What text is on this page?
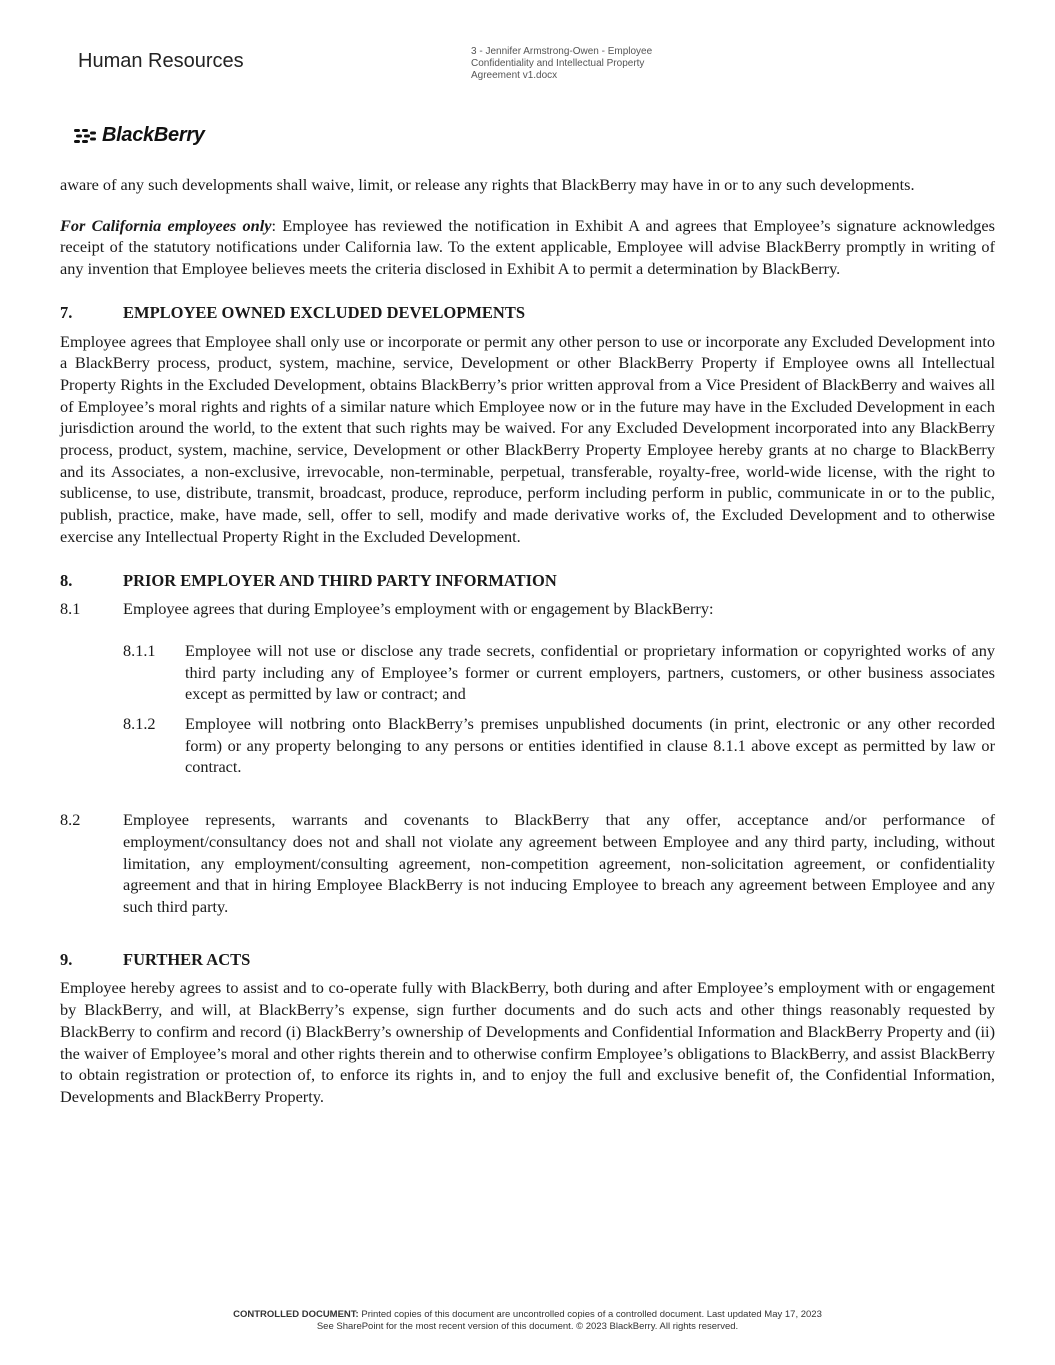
Human Resources	3 - Jennifer Armstrong-Owen - Employee
Confidentiality and Intellectual Property
Agreement v1.docx
BlackBerry

aware of any such developments shall waive, limit, or release any rights that BlackBerry may have in or to any such developments.

For California employees only: Employee has reviewed the notification in Exhibit A and agrees that Employee’s signature acknowledges receipt of the statutory notifications under California law. To the extent applicable, Employee will advise BlackBerry promptly in writing of any invention that Employee believes meets the criteria disclosed in Exhibit A to permit a determination by BlackBerry.

7.	EMPLOYEE OWNED EXCLUDED DEVELOPMENTS

Employee agrees that Employee shall only use or incorporate or permit any other person to use or incorporate any Excluded Development into a BlackBerry process, product, system, machine, service, Development or other BlackBerry Property if Employee owns all Intellectual Property Rights in the Excluded Development, obtains BlackBerry’s prior written approval from a Vice President of BlackBerry and waives all of Employee’s moral rights and rights of a similar nature which Employee now or in the future may have in the Excluded Development in each jurisdiction around the world, to the extent that such rights may be waived. For any Excluded Development incorporated into any BlackBerry process, product, system, machine, service, Development or other BlackBerry Property Employee hereby grants at no charge to BlackBerry and its Associates, a non-exclusive, irrevocable, non-terminable, perpetual, transferable, royalty-free, world-wide license, with the right to sublicense, to use, distribute, transmit, broadcast, produce, reproduce, perform including perform in public, communicate in or to the public, publish, practice, make, have made, sell, offer to sell, modify and made derivative works of, the Excluded Development and to otherwise exercise any Intellectual Property Right in the Excluded Development.

8.	PRIOR EMPLOYER AND THIRD PARTY INFORMATION
8.1	Employee agrees that during Employee’s employment with or engagement by BlackBerry:
8.1.1	Employee will not use or disclose any trade secrets, confidential or proprietary information or copyrighted works of any third party including any of Employee’s former or current employers, partners, customers, or other business associates except as permitted by law or contract; and
8.1.2	Employee will notbring onto BlackBerry’s premises unpublished documents (in print, electronic or any other recorded form) or any property belonging to any persons or entities identified in clause 8.1.1 above except as permitted by law or contract.
8.2	Employee represents, warrants and covenants to BlackBerry that any offer, acceptance and/or performance of employment/consultancy does not and shall not violate any agreement between Employee and any third party, including, without limitation, any employment/consulting agreement, non-competition agreement, non-solicitation agreement, or confidentiality agreement and that in hiring Employee BlackBerry is not inducing Employee to breach any agreement between Employee and any such third party.
9.	FURTHER ACTS

Employee hereby agrees to assist and to co-operate fully with BlackBerry, both during and after Employee’s employment with or engagement by BlackBerry, and will, at BlackBerry’s expense, sign further documents and do such acts and other things reasonably requested by BlackBerry to confirm and record (i) BlackBerry’s ownership of Developments and Confidential Information and BlackBerry Property and (ii) the waiver of Employee’s moral and other rights therein and to otherwise confirm Employee’s obligations to BlackBerry, and assist BlackBerry to obtain registration or protection of, to enforce its rights in, and to enjoy the full and exclusive benefit of, the Confidential Information, Developments and BlackBerry Property.

CONTROLLED DOCUMENT: Printed copies of this document are uncontrolled copies of a controlled document. Last updated May 17, 2023
See SharePoint for the most recent version of this document. © 2023 BlackBerry. All rights reserved.
